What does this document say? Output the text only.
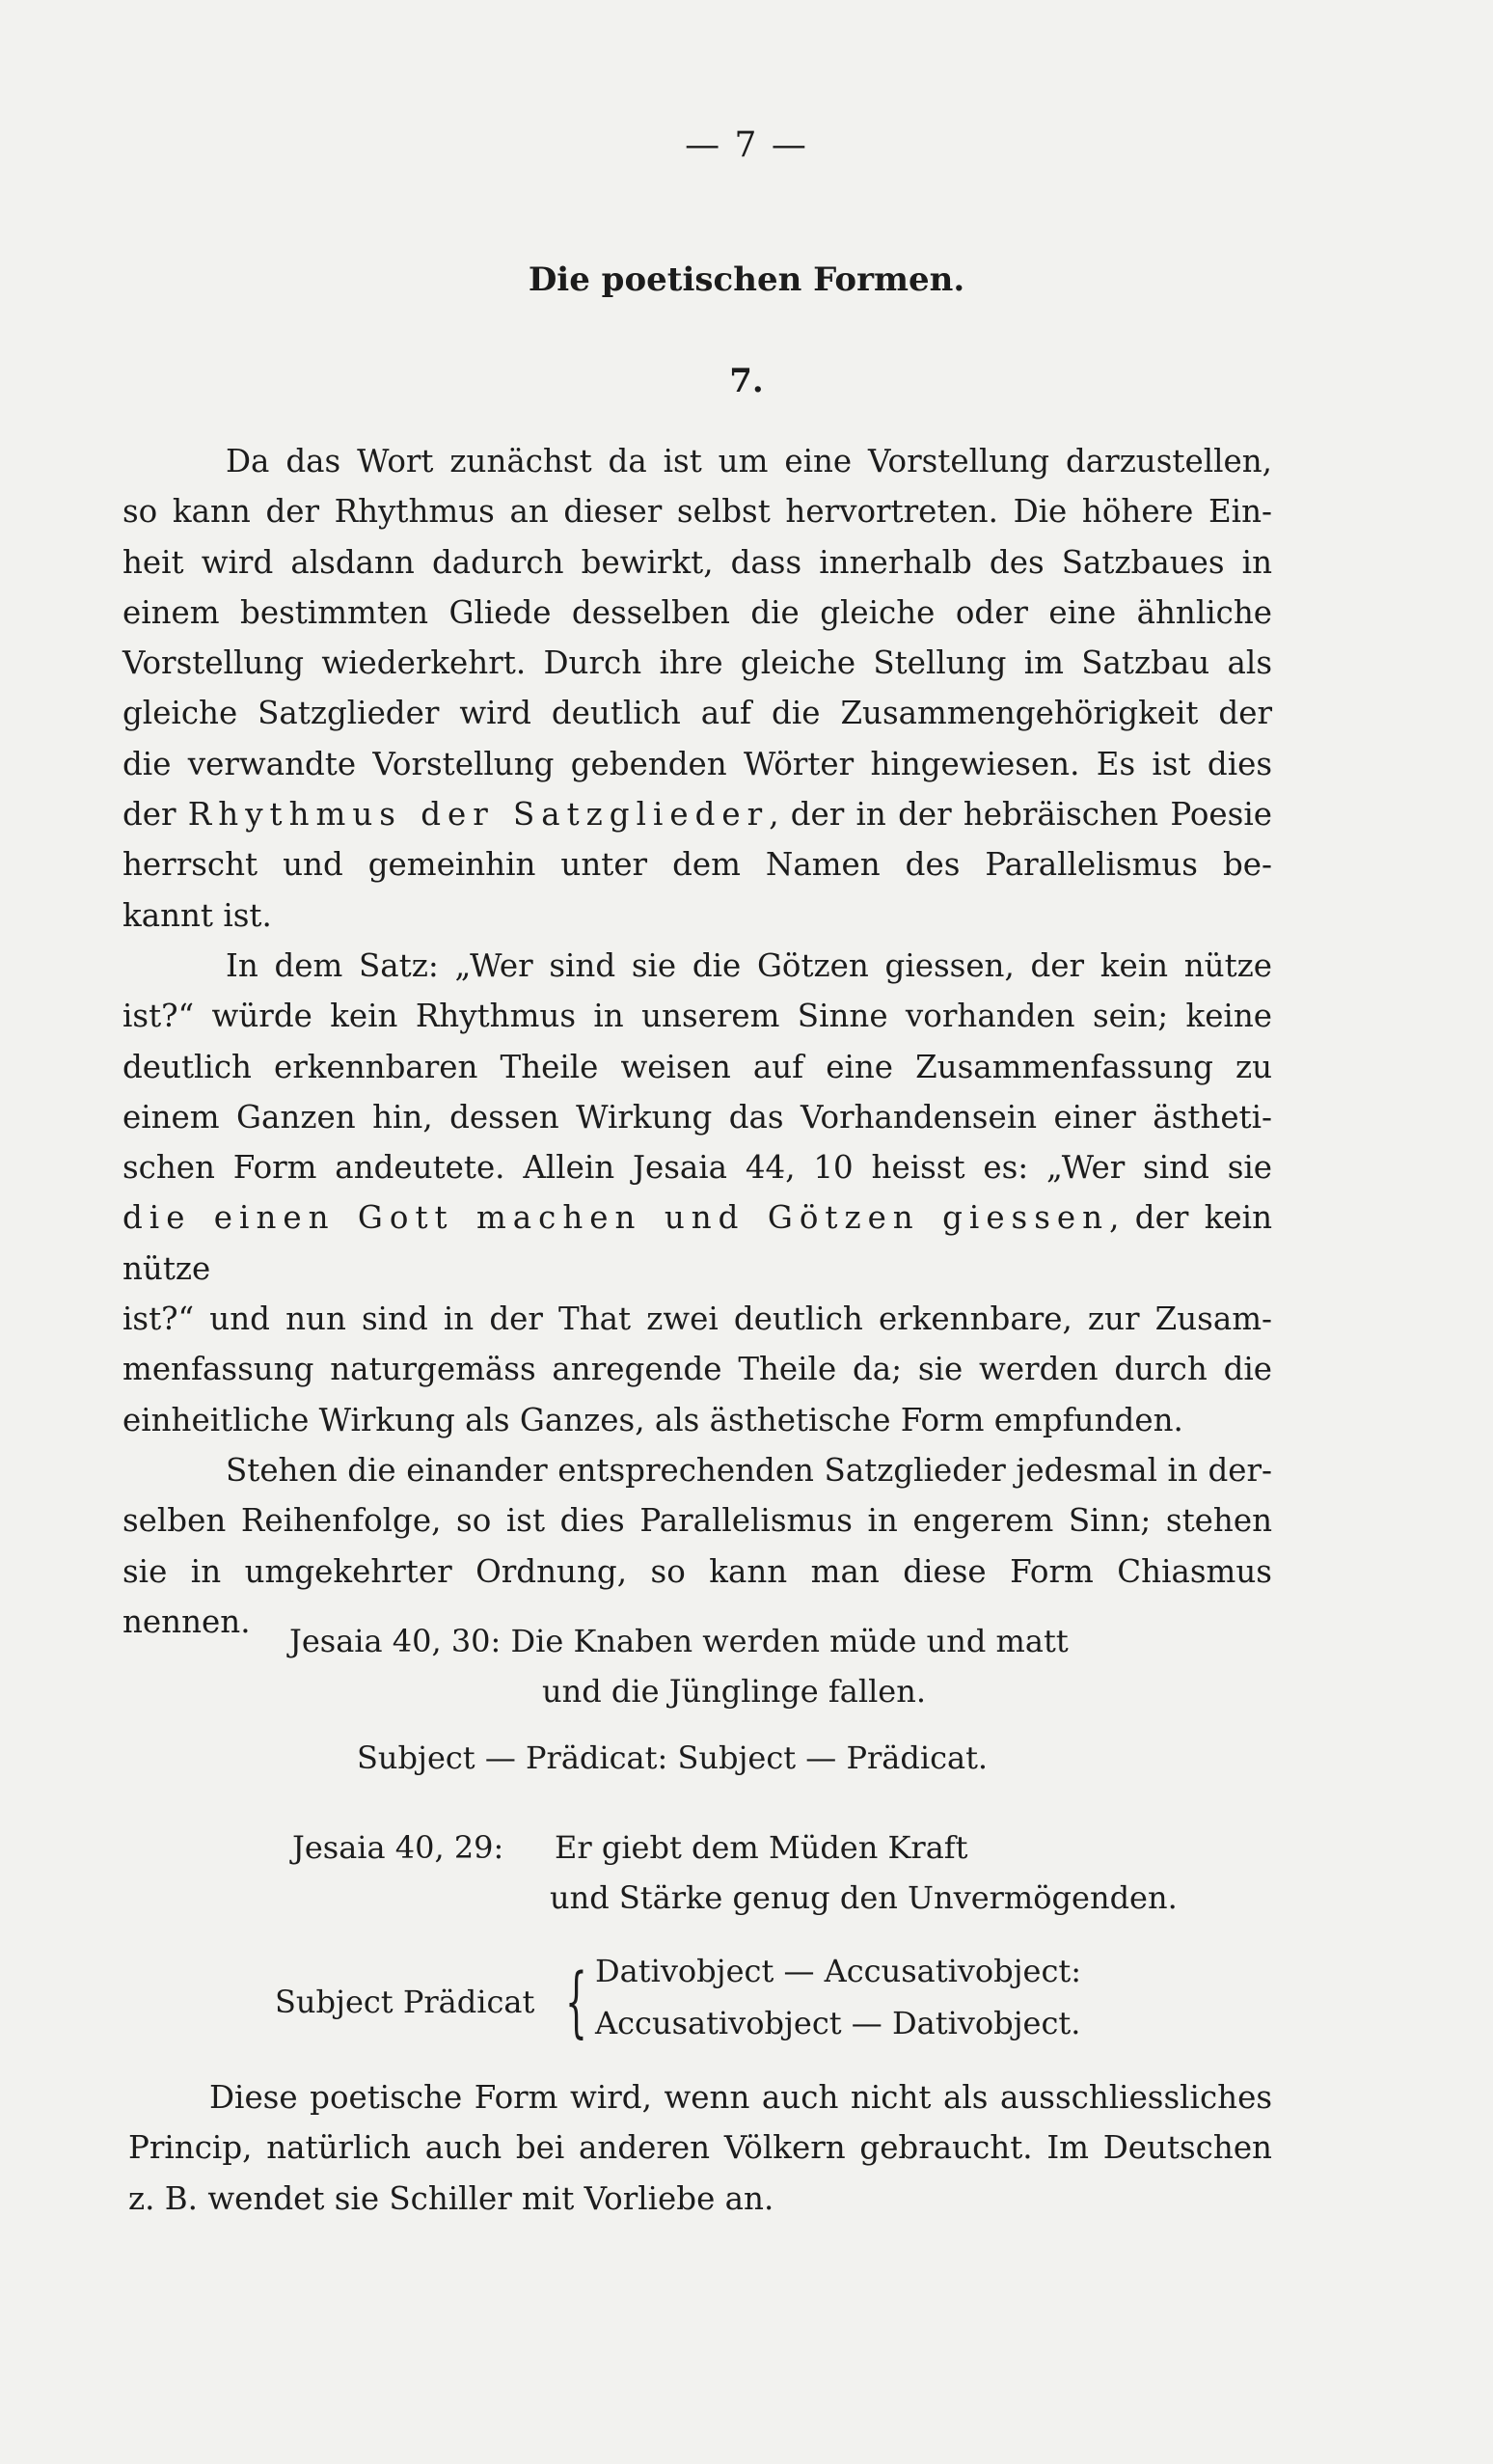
— 7 —
Die poetischen Formen.
7.

Da das Wort zunächst da ist um eine Vorstellung darzustellen,

so kann der Rhythmus an dieser selbst hervortreten. Die höhere Ein-

heit wird alsdann dadurch bewirkt, dass innerhalb des Satzbaues in

einem bestimmten Gliede desselben die gleiche oder eine ähnliche

Vorstellung wiederkehrt. Durch ihre gleiche Stellung im Satzbau als

gleiche Satzglieder wird deutlich auf die Zusammengehörigkeit der

die verwandte Vorstellung gebenden Wörter hingewiesen. Es ist dies

der Rhythmus der Satzglieder, der in der hebräischen Poesie

herrscht und gemeinhin unter dem Namen des Parallelismus be-

kannt ist.

In dem Satz: „Wer sind sie die Götzen giessen, der kein nütze

ist?“ würde kein Rhythmus in unserem Sinne vorhanden sein; keine

deutlich erkennbaren Theile weisen auf eine Zusammenfassung zu

einem Ganzen hin, dessen Wirkung das Vorhandensein einer ästheti-

schen Form andeutete. Allein Jesaia 44, 10 heisst es: „Wer sind sie

die einen Gott machen und Götzen giessen, der kein nütze

ist?“ und nun sind in der That zwei deutlich erkennbare, zur Zusam-

menfassung naturgemäss anregende Theile da; sie werden durch die

einheitliche Wirkung als Ganzes, als ästhetische Form empfunden.

Stehen die einander entsprechenden Satzglieder jedesmal in der-

selben Reihenfolge, so ist dies Parallelismus in engerem Sinn; stehen

sie in umgekehrter Ordnung, so kann man diese Form Chiasmus

nennen.

Jesaia 40, 30: Die Knaben werden müde und matt
und die Jünglinge fallen.
Subject — Prädicat: Subject — Prädicat.
Jesaia 40, 29: Er giebt dem Müden Kraft
und Stärke genug den Unvermögenden.
Subject Prädicat { Dativobject — Accusativobject:
Accusativobject — Dativobject.

Diese poetische Form wird, wenn auch nicht als ausschliessliches

Princip, natürlich auch bei anderen Völkern gebraucht. Im Deutschen

z. B. wendet sie Schiller mit Vorliebe an.
